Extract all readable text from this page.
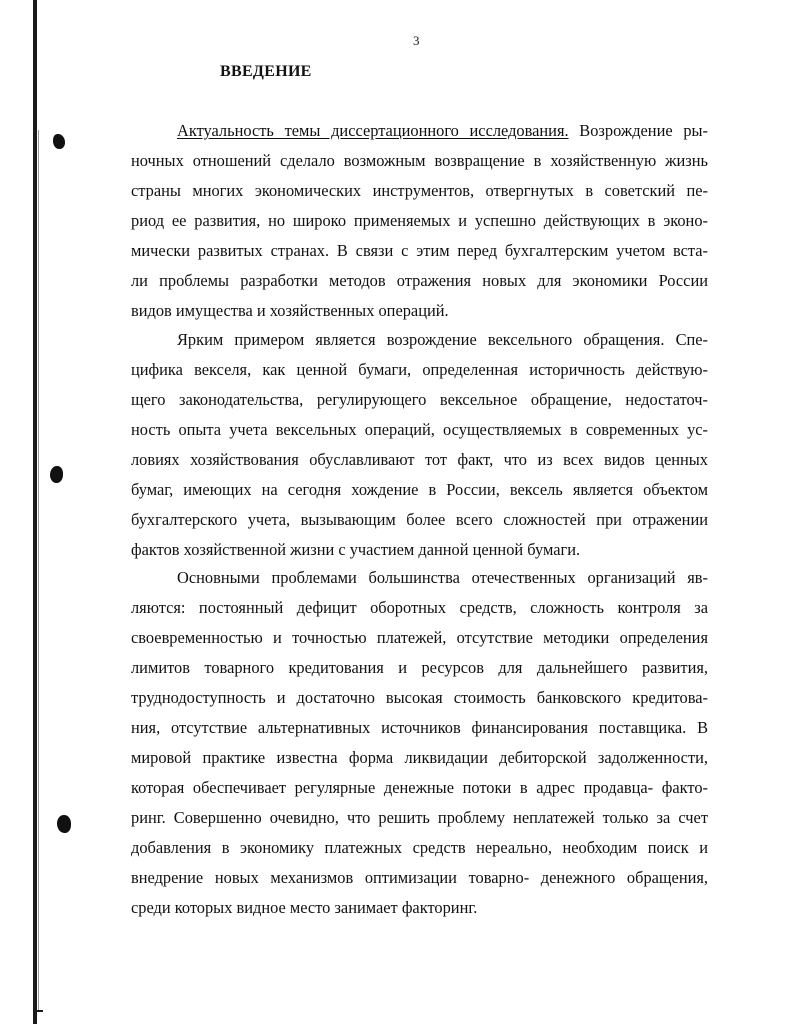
3
ВВЕДЕНИЕ
Актуальность темы диссертационного исследования. Возрождение ры-
ночных отношений сделало возможным возвращение в хозяйственную жизнь
страны многих экономических инструментов, отвергнутых в советский пе-
риод ее развития, но широко применяемых и успешно действующих в эконо-
мически развитых странах. В связи с этим перед бухгалтерским учетом вста-
ли проблемы разработки методов отражения новых для экономики России
видов имущества и хозяйственных операций.
Ярким примером является возрождение вексельного обращения. Спе-
цифика векселя, как ценной бумаги, определенная историчность действую-
щего законодательства, регулирующего вексельное обращение, недостаточ-
ность опыта учета вексельных операций, осуществляемых в современных ус-
ловиях хозяйствования обуславливают тот факт, что из всех видов ценных
бумаг, имеющих на сегодня хождение в России, вексель является объектом
бухгалтерского учета, вызывающим более всего сложностей при отражении
фактов хозяйственной жизни с участием данной ценной бумаги.
Основными проблемами большинства отечественных организаций яв-
ляются: постоянный дефицит оборотных средств, сложность контроля за
своевременностью и точностью платежей, отсутствие методики определения
лимитов товарного кредитования и ресурсов для дальнейшего развития,
труднодоступность и достаточно высокая стоимость банковского кредитова-
ния, отсутствие альтернативных источников финансирования поставщика. В
мировой практике известна форма ликвидации дебиторской задолженности,
которая обеспечивает регулярные денежные потоки в адрес продавца- факто-
ринг. Совершенно очевидно, что решить проблему неплатежей только за счет
добавления в экономику платежных средств нереально, необходим поиск и
внедрение новых механизмов оптимизации товарно- денежного обращения,
среди которых видное место занимает факторинг.
